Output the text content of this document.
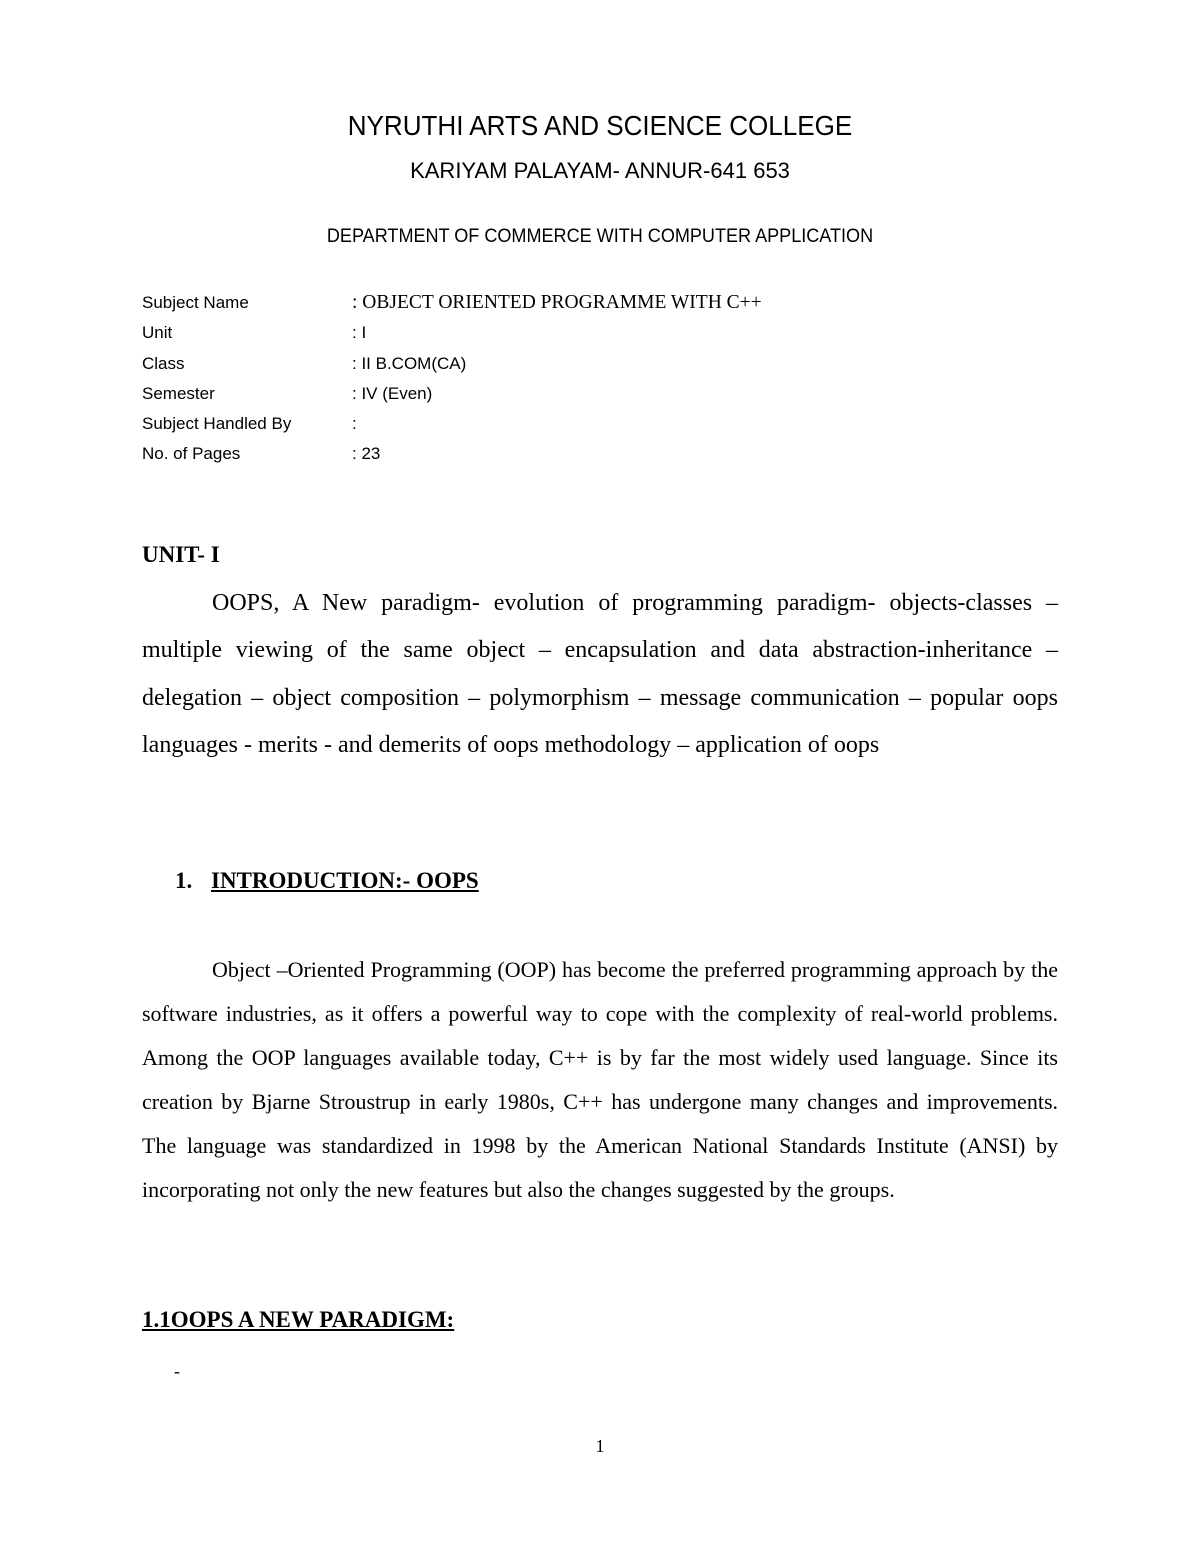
NYRUTHI ARTS AND SCIENCE COLLEGE
KARIYAM PALAYAM- ANNUR-641 653
DEPARTMENT OF COMMERCE WITH COMPUTER APPLICATION
Subject Name	: OBJECT ORIENTED PROGRAMME WITH C++
Unit	: I
Class	: II B.COM(CA)
Semester	: IV (Even)
Subject Handled By	:
No. of Pages	: 23
UNIT- I
OOPS, A New paradigm- evolution of programming paradigm- objects-classes – multiple viewing of the same object – encapsulation and data abstraction-inheritance – delegation – object composition – polymorphism – message communication – popular oops languages - merits - and demerits of oops methodology – application of oops
1. INTRODUCTION:- OOPS
Object –Oriented Programming (OOP) has become the preferred programming approach by the software industries, as it offers a powerful way to cope with the complexity of real-world problems. Among the OOP languages available today, C++ is by far the most widely used language. Since its creation by Bjarne Stroustrup in early 1980s, C++ has undergone many changes and improvements. The language was standardized in 1998 by the American National Standards Institute (ANSI) by incorporating not only the new features but also the changes suggested by the groups.
1.1OOPS A NEW PARADIGM:
-
1
